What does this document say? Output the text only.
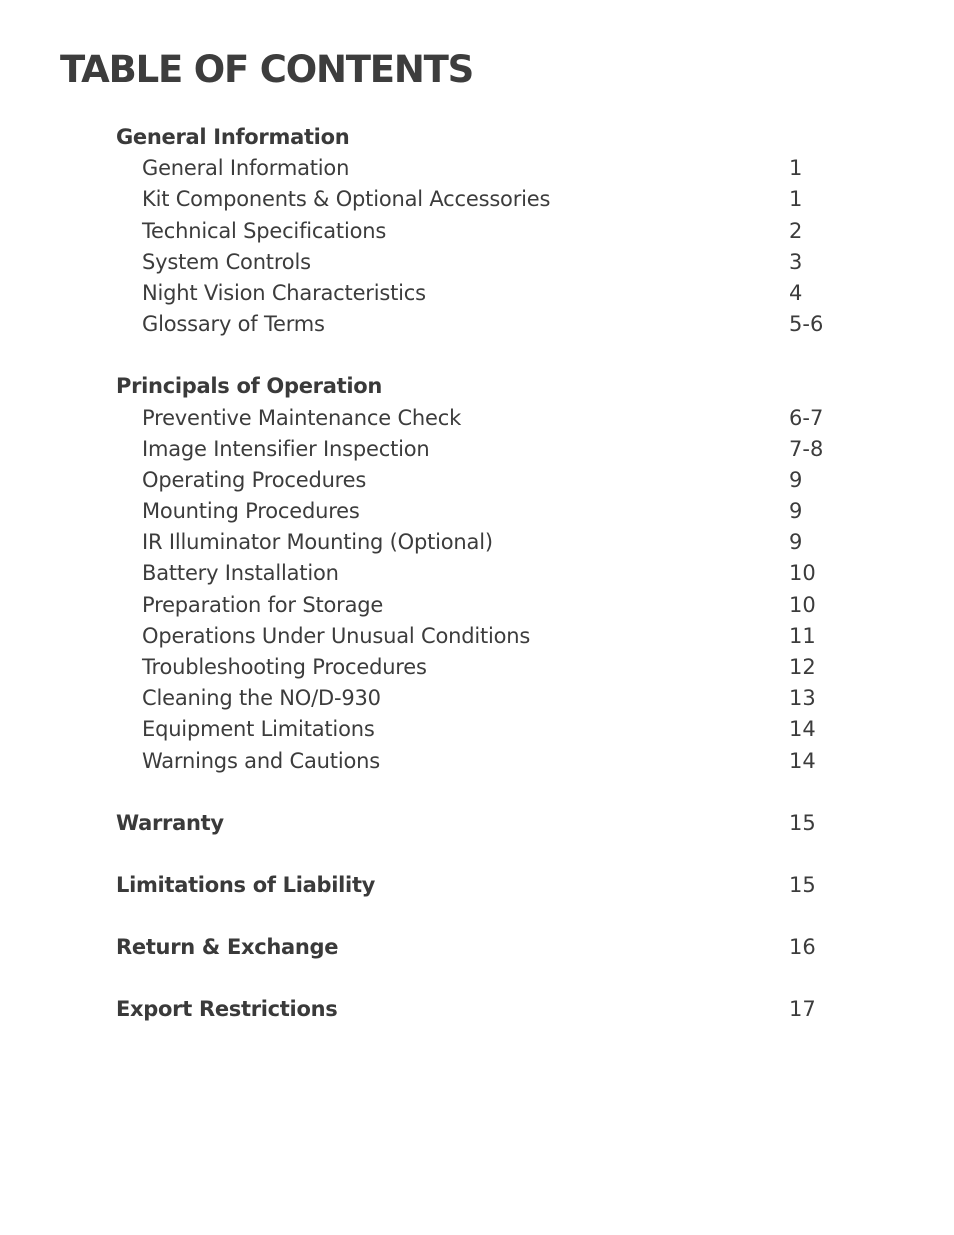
TABLE OF CONTENTS
General Information
General Information	1
Kit Components & Optional Accessories	1
Technical Specifications	2
System Controls	3
Night Vision Characteristics	4
Glossary of Terms	5-6
Principals of Operation
Preventive Maintenance Check	6-7
Image Intensifier Inspection	7-8
Operating Procedures	9
Mounting Procedures	9
IR Illuminator Mounting (Optional)	9
Battery Installation	10
Preparation for Storage	10
Operations Under Unusual Conditions	11
Troubleshooting Procedures	12
Cleaning the NO/D-930	13
Equipment Limitations	14
Warnings and Cautions	14
Warranty	15
Limitations of Liability	15
Return & Exchange	16
Export Restrictions	17
